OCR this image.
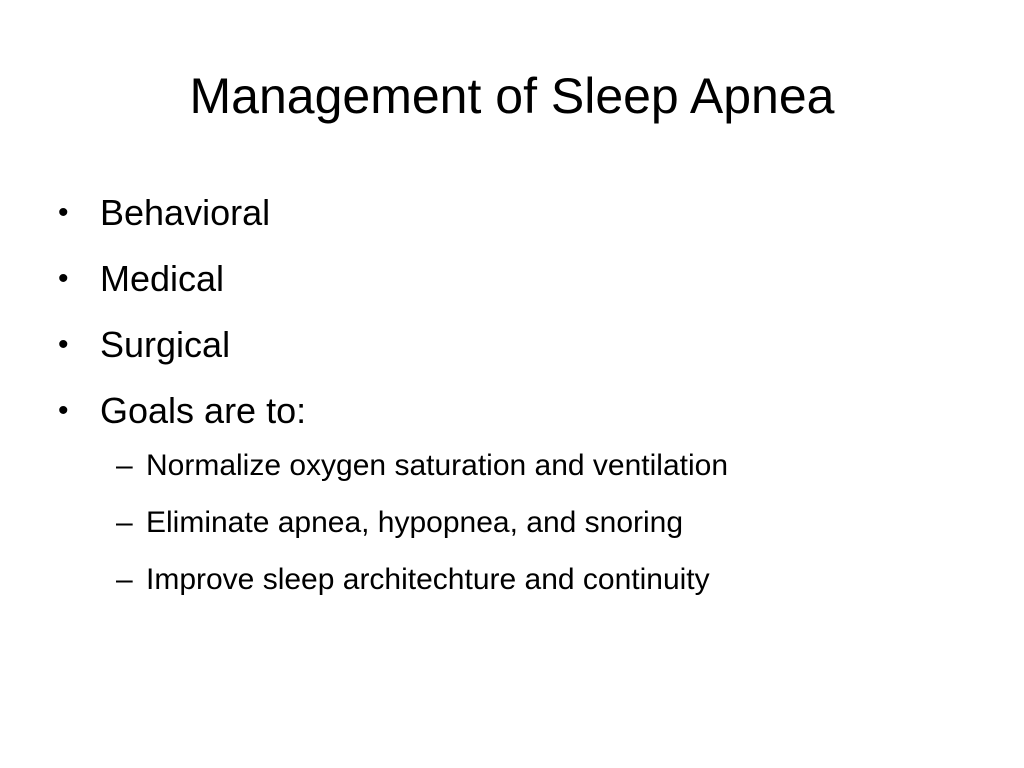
Management of Sleep Apnea
• Behavioral
• Medical
• Surgical
• Goals are to:
– Normalize oxygen saturation and ventilation
– Eliminate apnea, hypopnea, and snoring
– Improve sleep architechture and continuity
